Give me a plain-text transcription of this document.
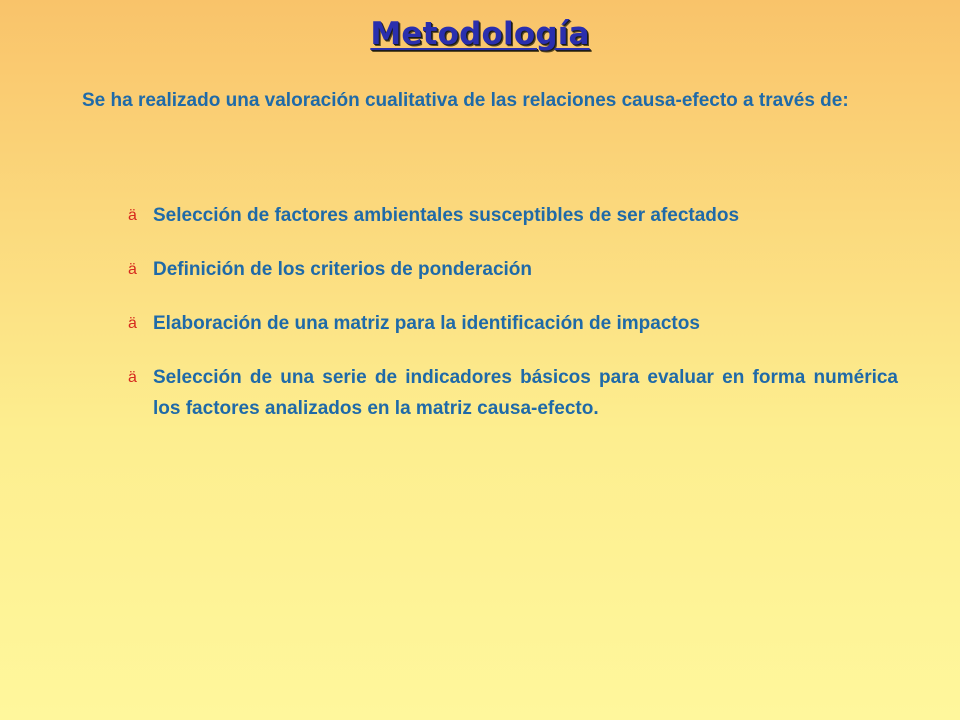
Metodología
Se ha realizado una valoración cualitativa de las relaciones causa-efecto a través de:
ä Selección de factores ambientales susceptibles de ser afectados
ä Definición de los criterios de ponderación
ä Elaboración de una matriz para la identificación de impactos
ä Selección de una serie de indicadores básicos para evaluar en forma numérica los factores analizados en la matriz causa-efecto.
